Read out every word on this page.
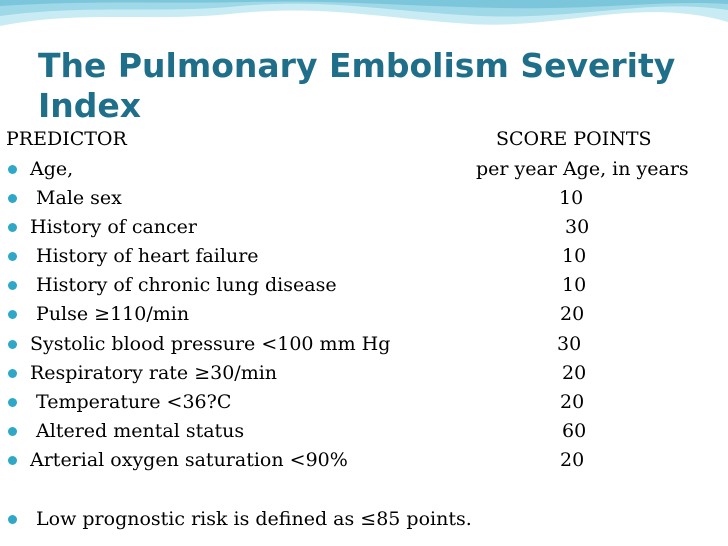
The Pulmonary Embolism Severity Index
PREDICTOR	SCORE POINTS
Age,	per year Age, in years
Male sex	10
History of cancer	30
History of heart failure	10
History of chronic lung disease	10
Pulse ≥110/min	20
Systolic blood pressure <100 mm Hg	30
Respiratory rate ≥30/min	20
Temperature <36?C	20
Altered mental status	60
Arterial oxygen saturation <90%	20
Low prognostic risk is defined as ≤85 points.
